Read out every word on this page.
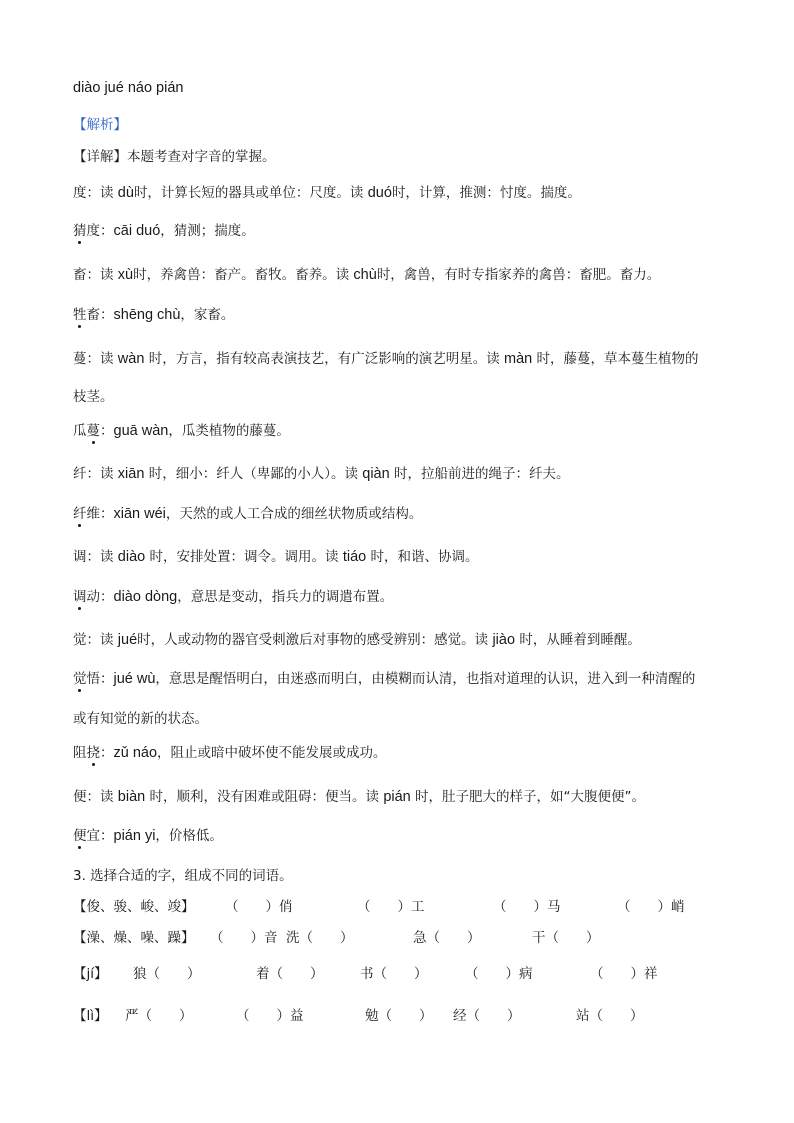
diào jué náo pián
【解析】
【详解】本题考查对字音的掌握。
度：读 dù时，计算长短的器具或单位：尺度。读 duó时，计算，推测：忖度。揣度。
猜度：cāi duó，猜测；揣度。
畜：读 xù时，养禽兽：畜产。畜牧。畜养。读 chù时，禽兽，有时专指家养的禽兽：畜肥。畜力。
牲畜：shēng chù，家畜。
蔓：读 wàn 时，方言，指有较高表演技艺，有广泛影响的演艺明星。读 màn 时，藤蔓，草本蔓生植物的
枝茎。
瓜蔓：guā wàn，瓜类植物的藤蔓。
纤：读 xiān 时，细小：纤人（卑鄙的小人）。读 qiàn 时，拉船前进的绳子：纤夫。
纤维：xiān wéi，天然的或人工合成的细丝状物质或结构。
调：读 diào 时，安排处置：调令。调用。读 tiáo 时，和谐、协调。
调动：diào dòng，意思是变动，指兵力的调遣布置。
觉：读 jué时，人或动物的器官受刺激后对事物的感受辨别：感觉。读 jiào 时，从睡着到睡醒。
觉悟：jué wù，意思是醒悟明白，由迷惑而明白，由模糊而认清，也指对道理的认识，进入到一种清醒的
或有知觉的新的状态。
阻挠：zǔ náo，阻止或暗中破坏使不能发展或成功。
便：读 biàn 时，顺利，没有困难或阻碍：便当。读 pián 时，肚子肥大的样子，如“大腹便便”。
便宜：pián yi，价格低。
3. 选择合适的字，组成不同的词语。
【俊、骏、峻、竣】 （　　）俏	（　　）工	（　　）马	（　　）峭
【澡、燥、噪、躁】 （　　）音 洗（　　）	急（　　）	干（　　）
【jí】 狼（　　）	着（　　）	书（　　）	（　　）病	（　　）祥
【lì】 严（　　）	（　　）益	勉（　　） 经（　　）	站（　　）
